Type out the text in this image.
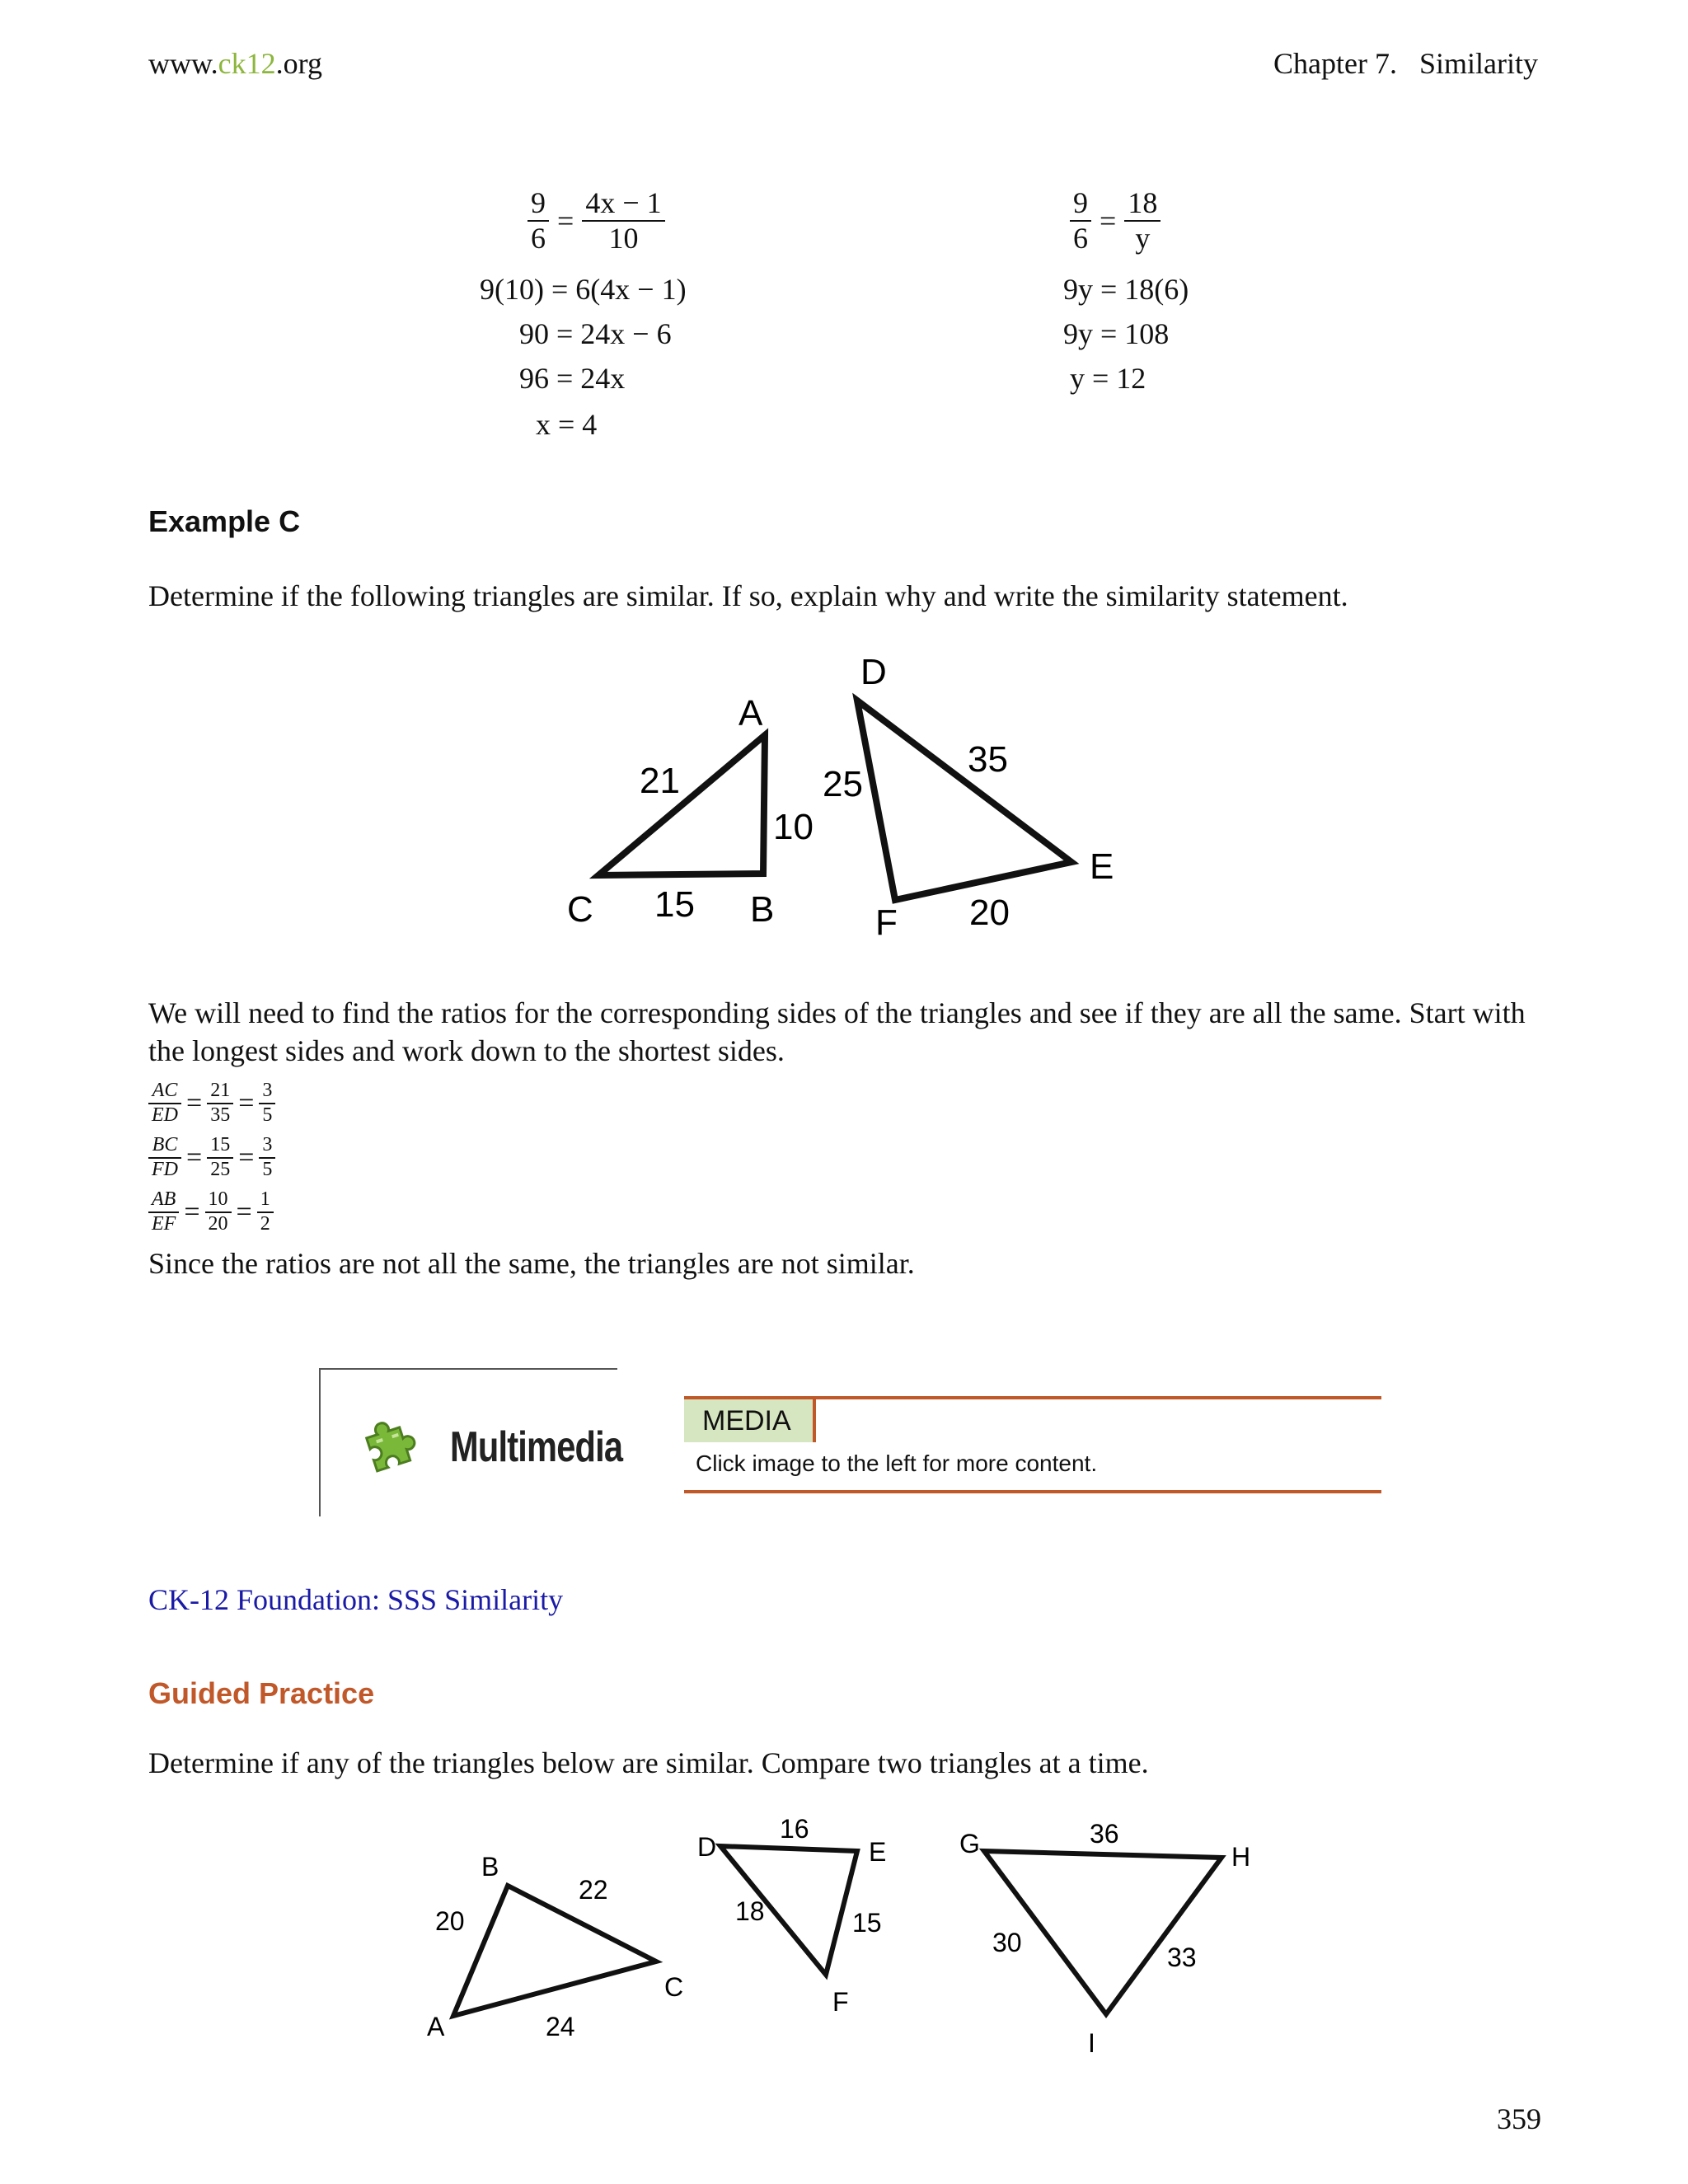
www.ck12.org	Chapter 7.   Similarity
$\frac{9}{6} = \frac{4x - 1}{10}$
9(10) = 6(4x − 1)
90 = 24x − 6
96 = 24x
x = 4
$\frac{9}{6} = \frac{18}{y}$
9y = 18(6)
9y = 108
y = 12
Example C

Determine if the following triangles are similar. If so, explain why and write the similarity statement.

A
B
C
D
E
F
21
10
15
25
35
20

We will need to find the ratios for the corresponding sides of the triangles and see if they are all the same. Start with the longest sides and work down to the shortest sides.

$\frac{AC}{ED} = \frac{21}{35} = \frac{3}{5}$
$\frac{BC}{FD} = \frac{15}{25} = \frac{3}{5}$
$\frac{AB}{EF} = \frac{10}{20} = \frac{1}{2}$

Since the ratios are not all the same, the triangles are not similar.

Multimedia
MEDIA
Click image to the left for more content.
CK-12 Foundation: SSS Similarity
Guided Practice

Determine if any of the triangles below are similar. Compare two triangles at a time.

B
C
A
D	E
F
G	H
I
20
22
24
16
18	15
36
30	33
359
